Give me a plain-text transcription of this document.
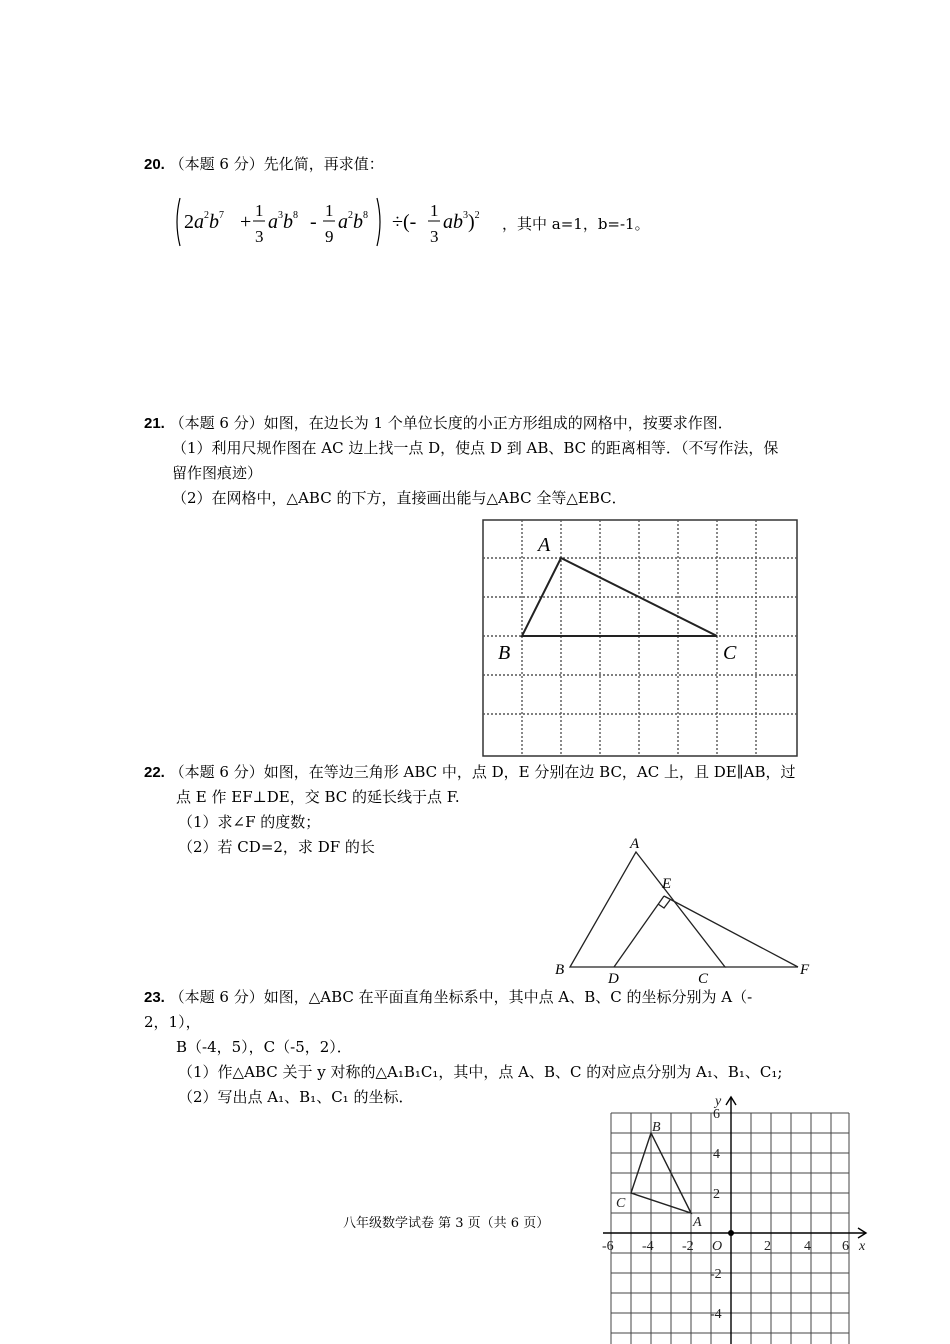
20. （本题 6 分）先化简，再求值：
$2a^2b^7$ +
1
3
$a^3b^8$ -
1
9
$a^2b^8$ ÷(-
1
3
$ab^3)^2$ ，其中 a=1，b=-1。
21. （本题 6 分）如图，在边长为 1 个单位长度的小正方形组成的网格中，按要求作图．
（1）利用尺规作图在 AC 边上找一点 D，使点 D 到 AB、BC 的距离相等．（不写作法，保
留作图痕迹）
（2）在网格中，△ABC 的下方，直接画出能与△ABC 全等△EBC．
A
B	C
22. （本题 6 分）如图，在等边三角形 ABC 中，点 D，E 分别在边 BC，AC 上，且 DE∥AB，过
点 E 作 EF⊥DE，交 BC 的延长线于点 F.
（1）求∠F 的度数；
（2）若 CD=2，求 DF 的长	A
B
C
D
E
F
23. （本题 6 分）如图，△ABC 在平面直角坐标系中，其中点 A、B、C 的坐标分别为 A（-
2，1），
B（-4，5），C（-5，2）．
（1）作△ABC 关于 y 对称的△A₁B₁C₁，其中，点 A、B、C 的对应点分别为 A₁、B₁、C₁;
（2）写出点 A₁、B₁、C₁ 的坐标．	y
x
O
-6 -4 -2	2 4 6
6
4
2
-2
-4
A
B
C
八年级数学试卷 第 3 页（共 6 页）
